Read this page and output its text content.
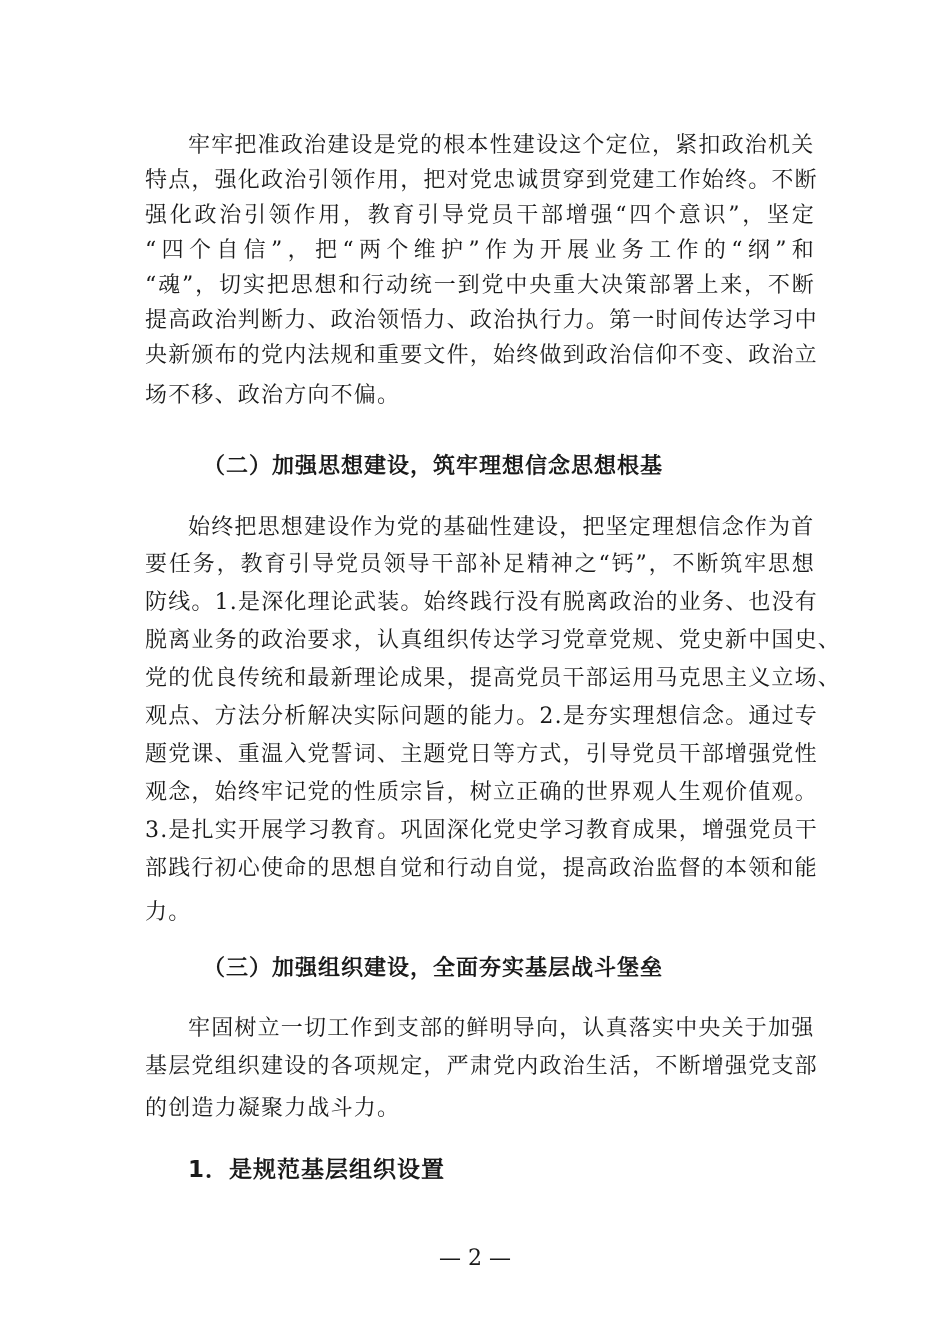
牢牢把准政治建设是党的根本性建设这个定位，紧扣政治机关
特点，强化政治引领作用，把对党忠诚贯穿到党建工作始终。不断
强化政治引领作用，教育引导党员干部增强“四个意识”，坚定
“四个自信”，把“两个维护”作为开展业务工作的“纲”和
“魂”，切实把思想和行动统一到党中央重大决策部署上来，不断
提高政治判断力、政治领悟力、政治执行力。第一时间传达学习中
央新颁布的党内法规和重要文件，始终做到政治信仰不变、政治立
场不移、政治方向不偏。
（二）加强思想建设，筑牢理想信念思想根基
始终把思想建设作为党的基础性建设，把坚定理想信念作为首
要任务，教育引导党员领导干部补足精神之“钙”，不断筑牢思想
防线。1.是深化理论武装。始终践行没有脱离政治的业务、也没有
脱离业务的政治要求，认真组织传达学习党章党规、党史新中国史、
党的优良传统和最新理论成果，提高党员干部运用马克思主义立场、
观点、方法分析解决实际问题的能力。2.是夯实理想信念。通过专
题党课、重温入党誓词、主题党日等方式，引导党员干部增强党性
观念，始终牢记党的性质宗旨，树立正确的世界观人生观价值观。
3.是扎实开展学习教育。巩固深化党史学习教育成果，增强党员干
部践行初心使命的思想自觉和行动自觉，提高政治监督的本领和能
力。
（三）加强组织建设，全面夯实基层战斗堡垒
牢固树立一切工作到支部的鲜明导向，认真落实中央关于加强
基层党组织建设的各项规定，严肃党内政治生活，不断增强党支部
的创造力凝聚力战斗力。
1．是规范基层组织设置
— 2 —
